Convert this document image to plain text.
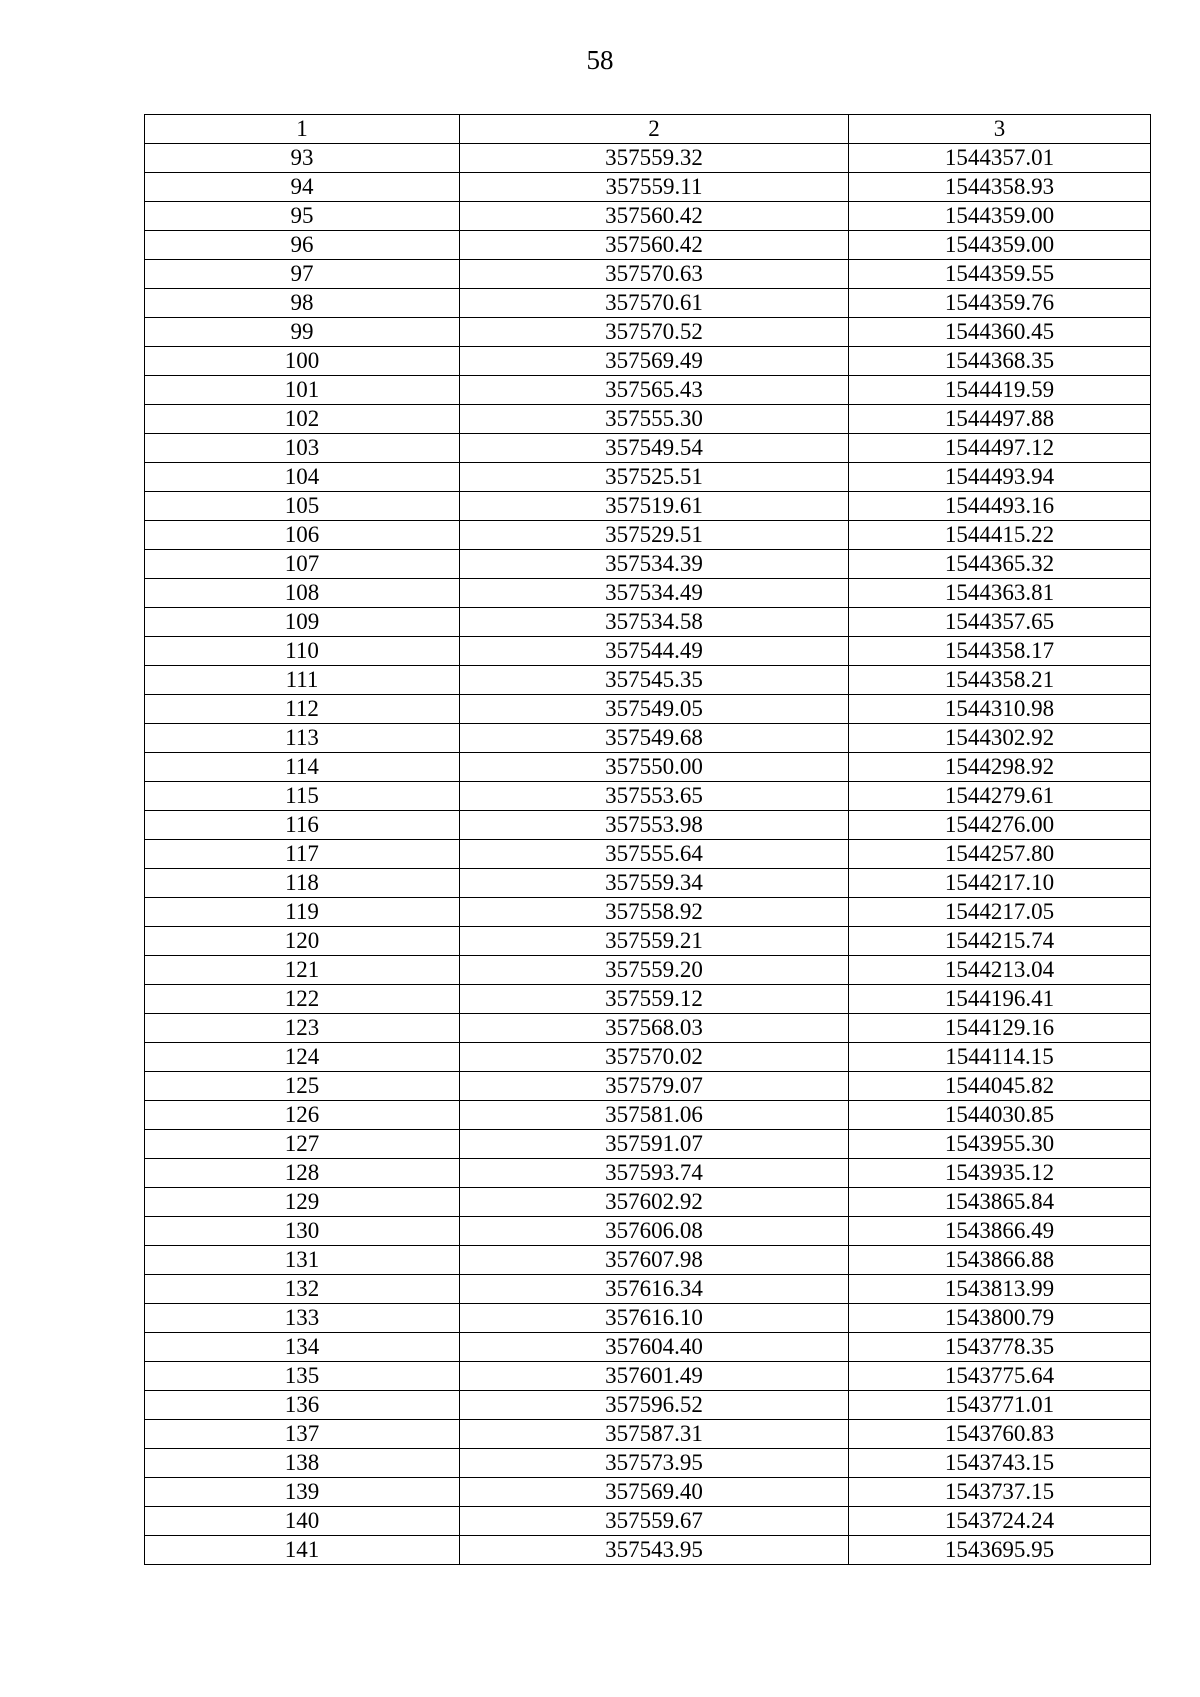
58
1	2	3
93	357559.32	1544357.01
94	357559.11	1544358.93
95	357560.42	1544359.00
96	357560.42	1544359.00
97	357570.63	1544359.55
98	357570.61	1544359.76
99	357570.52	1544360.45
100	357569.49	1544368.35
101	357565.43	1544419.59
102	357555.30	1544497.88
103	357549.54	1544497.12
104	357525.51	1544493.94
105	357519.61	1544493.16
106	357529.51	1544415.22
107	357534.39	1544365.32
108	357534.49	1544363.81
109	357534.58	1544357.65
110	357544.49	1544358.17
111	357545.35	1544358.21
112	357549.05	1544310.98
113	357549.68	1544302.92
114	357550.00	1544298.92
115	357553.65	1544279.61
116	357553.98	1544276.00
117	357555.64	1544257.80
118	357559.34	1544217.10
119	357558.92	1544217.05
120	357559.21	1544215.74
121	357559.20	1544213.04
122	357559.12	1544196.41
123	357568.03	1544129.16
124	357570.02	1544114.15
125	357579.07	1544045.82
126	357581.06	1544030.85
127	357591.07	1543955.30
128	357593.74	1543935.12
129	357602.92	1543865.84
130	357606.08	1543866.49
131	357607.98	1543866.88
132	357616.34	1543813.99
133	357616.10	1543800.79
134	357604.40	1543778.35
135	357601.49	1543775.64
136	357596.52	1543771.01
137	357587.31	1543760.83
138	357573.95	1543743.15
139	357569.40	1543737.15
140	357559.67	1543724.24
141	357543.95	1543695.95
